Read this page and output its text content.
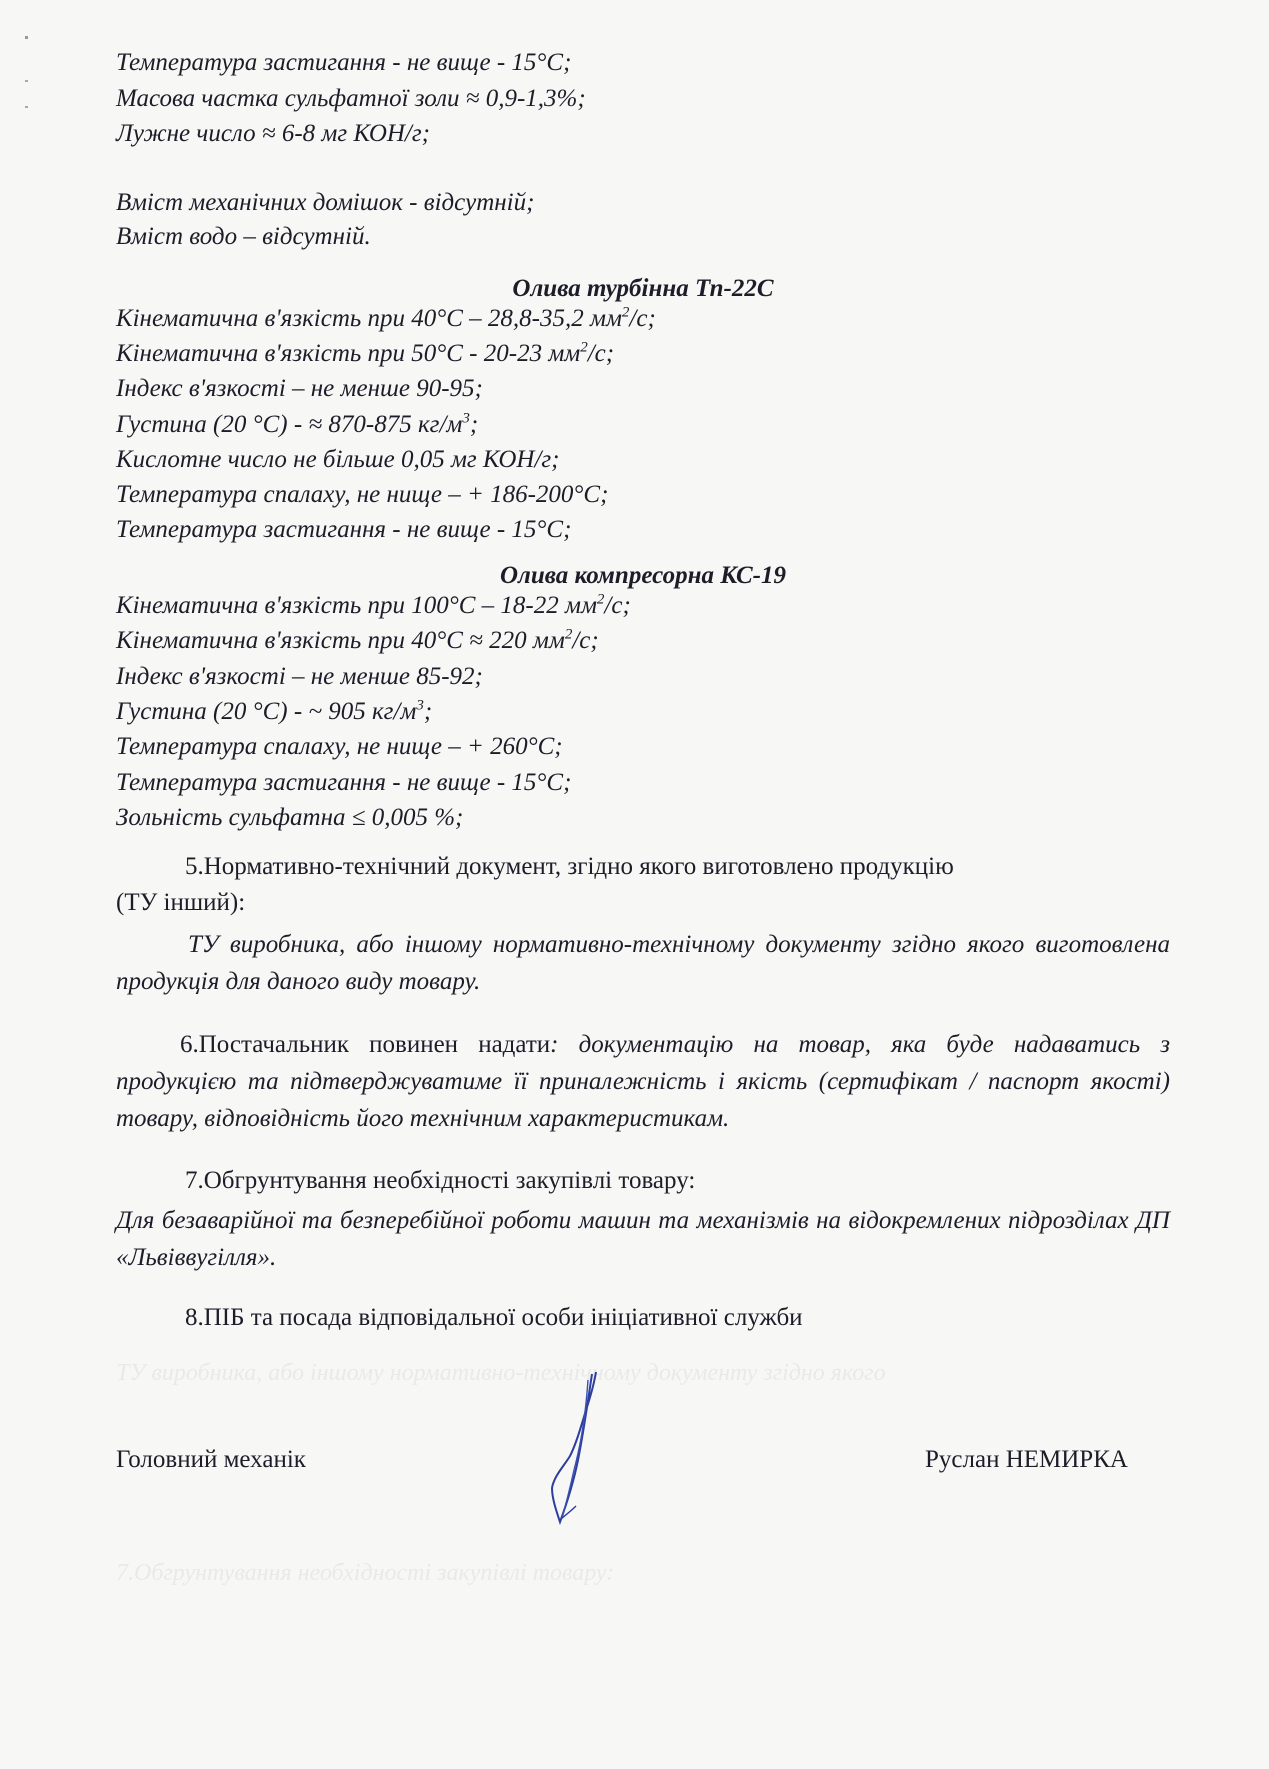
ТУ виробника, або іншому нормативно-технічному документу згідно якого
7.Обгрунтування необхідності закупівлі товару:
Температура застигання - не вище - 15°С;
Масова частка сульфатної золи ≈ 0,9-1,3%;
Лужне число ≈ 6-8 мг КОН/г;
Вміст механічних домішок - відсутній;
Вміст водо – відсутній.
Олива турбінна Тп-22С
Кінематична в'язкість при 40°С – 28,8-35,2 $мм^2/с$;
Кінематична в'язкість при 50°С - 20-23 $мм^2/с$;
Індекс в'язкості – не менше 90-95;
Густина (20 °С) - ≈ 870-875 $кг/м^3$;
Кислотне число не більше 0,05 мг КОН/г;
Температура спалаху, не нище – + 186-200°С;
Температура застигання - не вище - 15°С;
Олива компресорна КС-19
Кінематична в'язкість при 100°С – 18-22 $мм^2/с$;
Кінематична в'язкість при 40°С ≈ 220 $мм^2/с$;
Індекс в'язкості – не менше 85-92;
Густина (20 °С) - ~ 905 $кг/м^3$;
Температура спалаху, не нище – + 260°С;
Температура застигання - не вище - 15°С;
Зольність сульфатна ≤ 0,005 %;
5.Нормативно-технічний документ, згідно якого виготовлено продукцію
(ТУ інший):
ТУ виробника, або іншому нормативно-технічному документу згідно якого виготовлена продукція для даного виду товару.
6.Постачальник повинен надати: документацію на товар, яка буде надаватись з продукцією та підтверджуватиме її приналежність і якість (сертифікат / паспорт якості) товару, відповідність його технічним характеристикам.
7.Обгрунтування необхідності закупівлі товару:
Для безаварійної та безперебійної роботи машин та механізмів на відокремлених підрозділах ДП «Львіввугілля».
8.ПІБ та посада відповідальної особи ініціативної служби
Головний механік	Руслан НЕМИРКА
